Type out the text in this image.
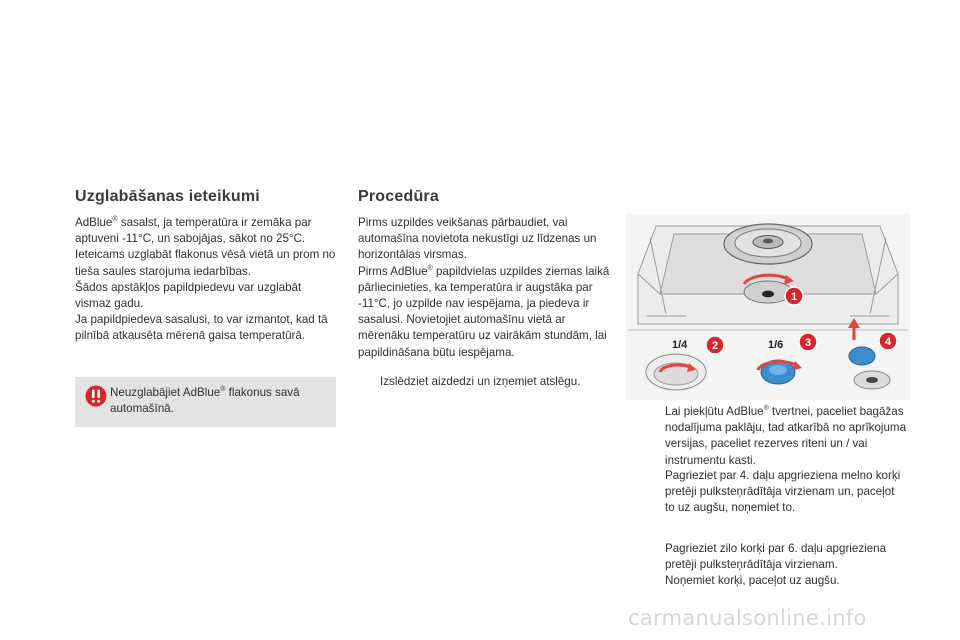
Uzglabāšanas ieteikumi

AdBlue® sasalst, ja temperatūra ir zemāka par aptuveni -11°C, un sabojājas, sākot no 25°C.

Ieteicams uzglabāt flakonus vēsā vietā un prom no tieša saules starojuma iedarbības.

Šādos apstākļos papildpiedevu var uzglabāt vismaz gadu.

Ja papildpiedeva sasalusi, to var izmantot, kad tā pilnībā atkausēta mērenā gaisa temperatūrā.

Neuzglabājiet AdBlue® flakonus savā automašīnā.
Procedūra

Pirms uzpildes veikšanas pārbaudiet, vai automašīna novietota nekustīgi uz līdzenas un horizontālas virsmas.

Pirms AdBlue® papildvielas uzpildes ziemas laikā pārliecinieties, ka temperatūra ir augstāka par -11°C, jo uzpilde nav iespējama, ja piedeva ir sasalusi. Novietojiet automašīnu vietā ar mērenāku temperatūru uz vairākām stundām, lai papildināšana būtu iespējama.

Izslēdziet aizdedzi un izņemiet atslēgu.
1
1/4 2	1/6 3	4
Lai piekļūtu AdBlue® tvertnei, paceliet bagāžas nodalījuma paklāju, tad atkarībā no aprīkojuma versijas, paceliet rezerves riteni un / vai instrumentu kasti.
Pagrieziet par 4. daļu apgrieziena melno korķi pretēji pulksteņrādītāja virzienam un, paceļot to uz augšu, noņemiet to.
Pagrieziet zilo korķi par 6. daļu apgrieziena pretēji pulksteņrādītāja virzienam.
Noņemiet korķi, paceļot uz augšu.
carmanualsonline.info
